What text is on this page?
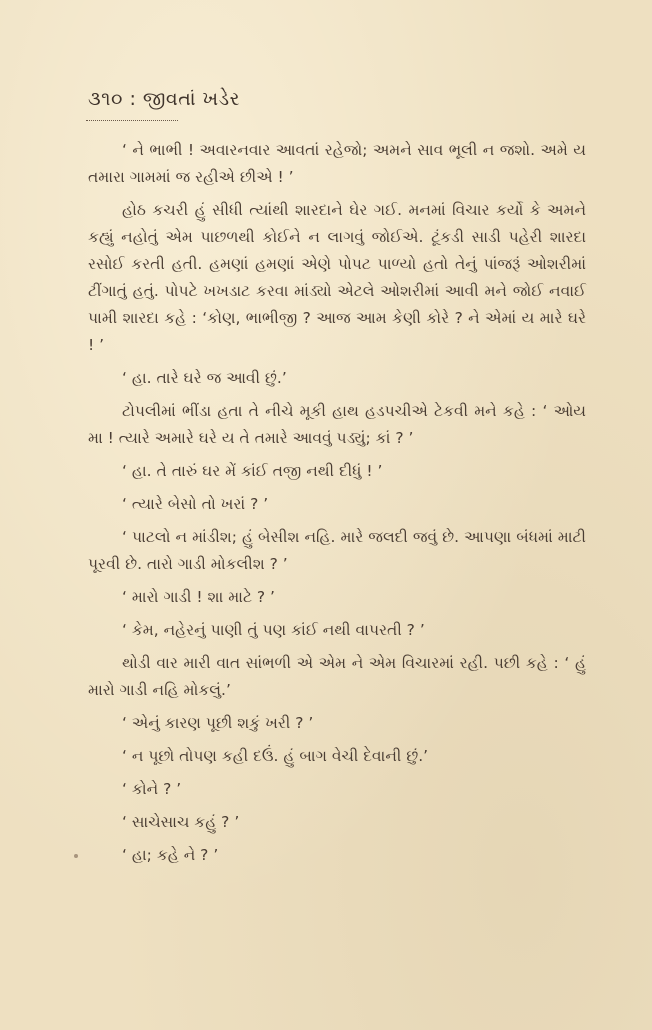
૩૧૦ : જીવતાં ખડેર

‘ ને ભાભી ! અવારનવાર આવતાં રહેજો; અમને સાવ ભૂલી ન જશો. અમે ય તમારા ગામમાં જ રહીએ છીએ ! ’

હોઠ કચરી હું સીધી ત્યાંથી શારદાને ઘેર ગઈ. મનમાં વિચાર કર્યો કે અમને કહ્યું નહોતું એમ પાછળથી કોઈને ન લાગવું જોઈએ. ટૂંકડી સાડી પહેરી શારદા રસોઈ કરતી હતી. હમણાં હમણાં એણે પોપટ પાળ્યો હતો તેનું પાંજરૂં ઓશરીમાં ટીંગાતું હતું. પોપટે ખખડાટ કરવા માંડ્યો એટલે ઓશરીમાં આવી મને જોઈ નવાઈ પામી શારદા કહે : ‘કોણ, ભાભીજી ? આજ આમ કેણી કોરે ? ને એમાં ય મારે ઘરે ! ’

‘ હા. તારે ઘરે જ આવી છું.’

ટોપલીમાં ભીંડા હતા તે નીચે મૂકી હાથ હડપચીએ ટેકવી મને કહે : ‘ ઓય મા ! ત્યારે અમારે ઘરે ય તે તમારે આવવું પડ્યું; કાં ? ’

‘ હા. તે તારું ઘર મેં કાંઈ તજી નથી દીધું ! ’

‘ ત્યારે બેસો તો ખરાં ? ’

‘ પાટલો ન માંડીશ; હું બેસીશ નહિ. મારે જલદી જવું છે. આપણા બંધમાં માટી પૂરવી છે. તારો ગાડી મોકલીશ ? ’

‘ મારો ગાડી ! શા માટે ? ’

‘ કેમ, નહેરનું પાણી તું પણ કાંઈ નથી વાપરતી ? ’

થોડી વાર મારી વાત સાંભળી એ એમ ને એમ વિચારમાં રહી. પછી કહે : ‘ હું મારો ગાડી નહિ મોકલું.’

‘ એનું કારણ પૂછી શકું ખરી ? ’

‘ ન પૂછો તોપણ કહી દઉં. હું બાગ વેચી દેવાની છું.’

‘ કોને ? ’

‘ સાચેસાચ કહું ? ’

‘ હા; કહે ને ? ’
